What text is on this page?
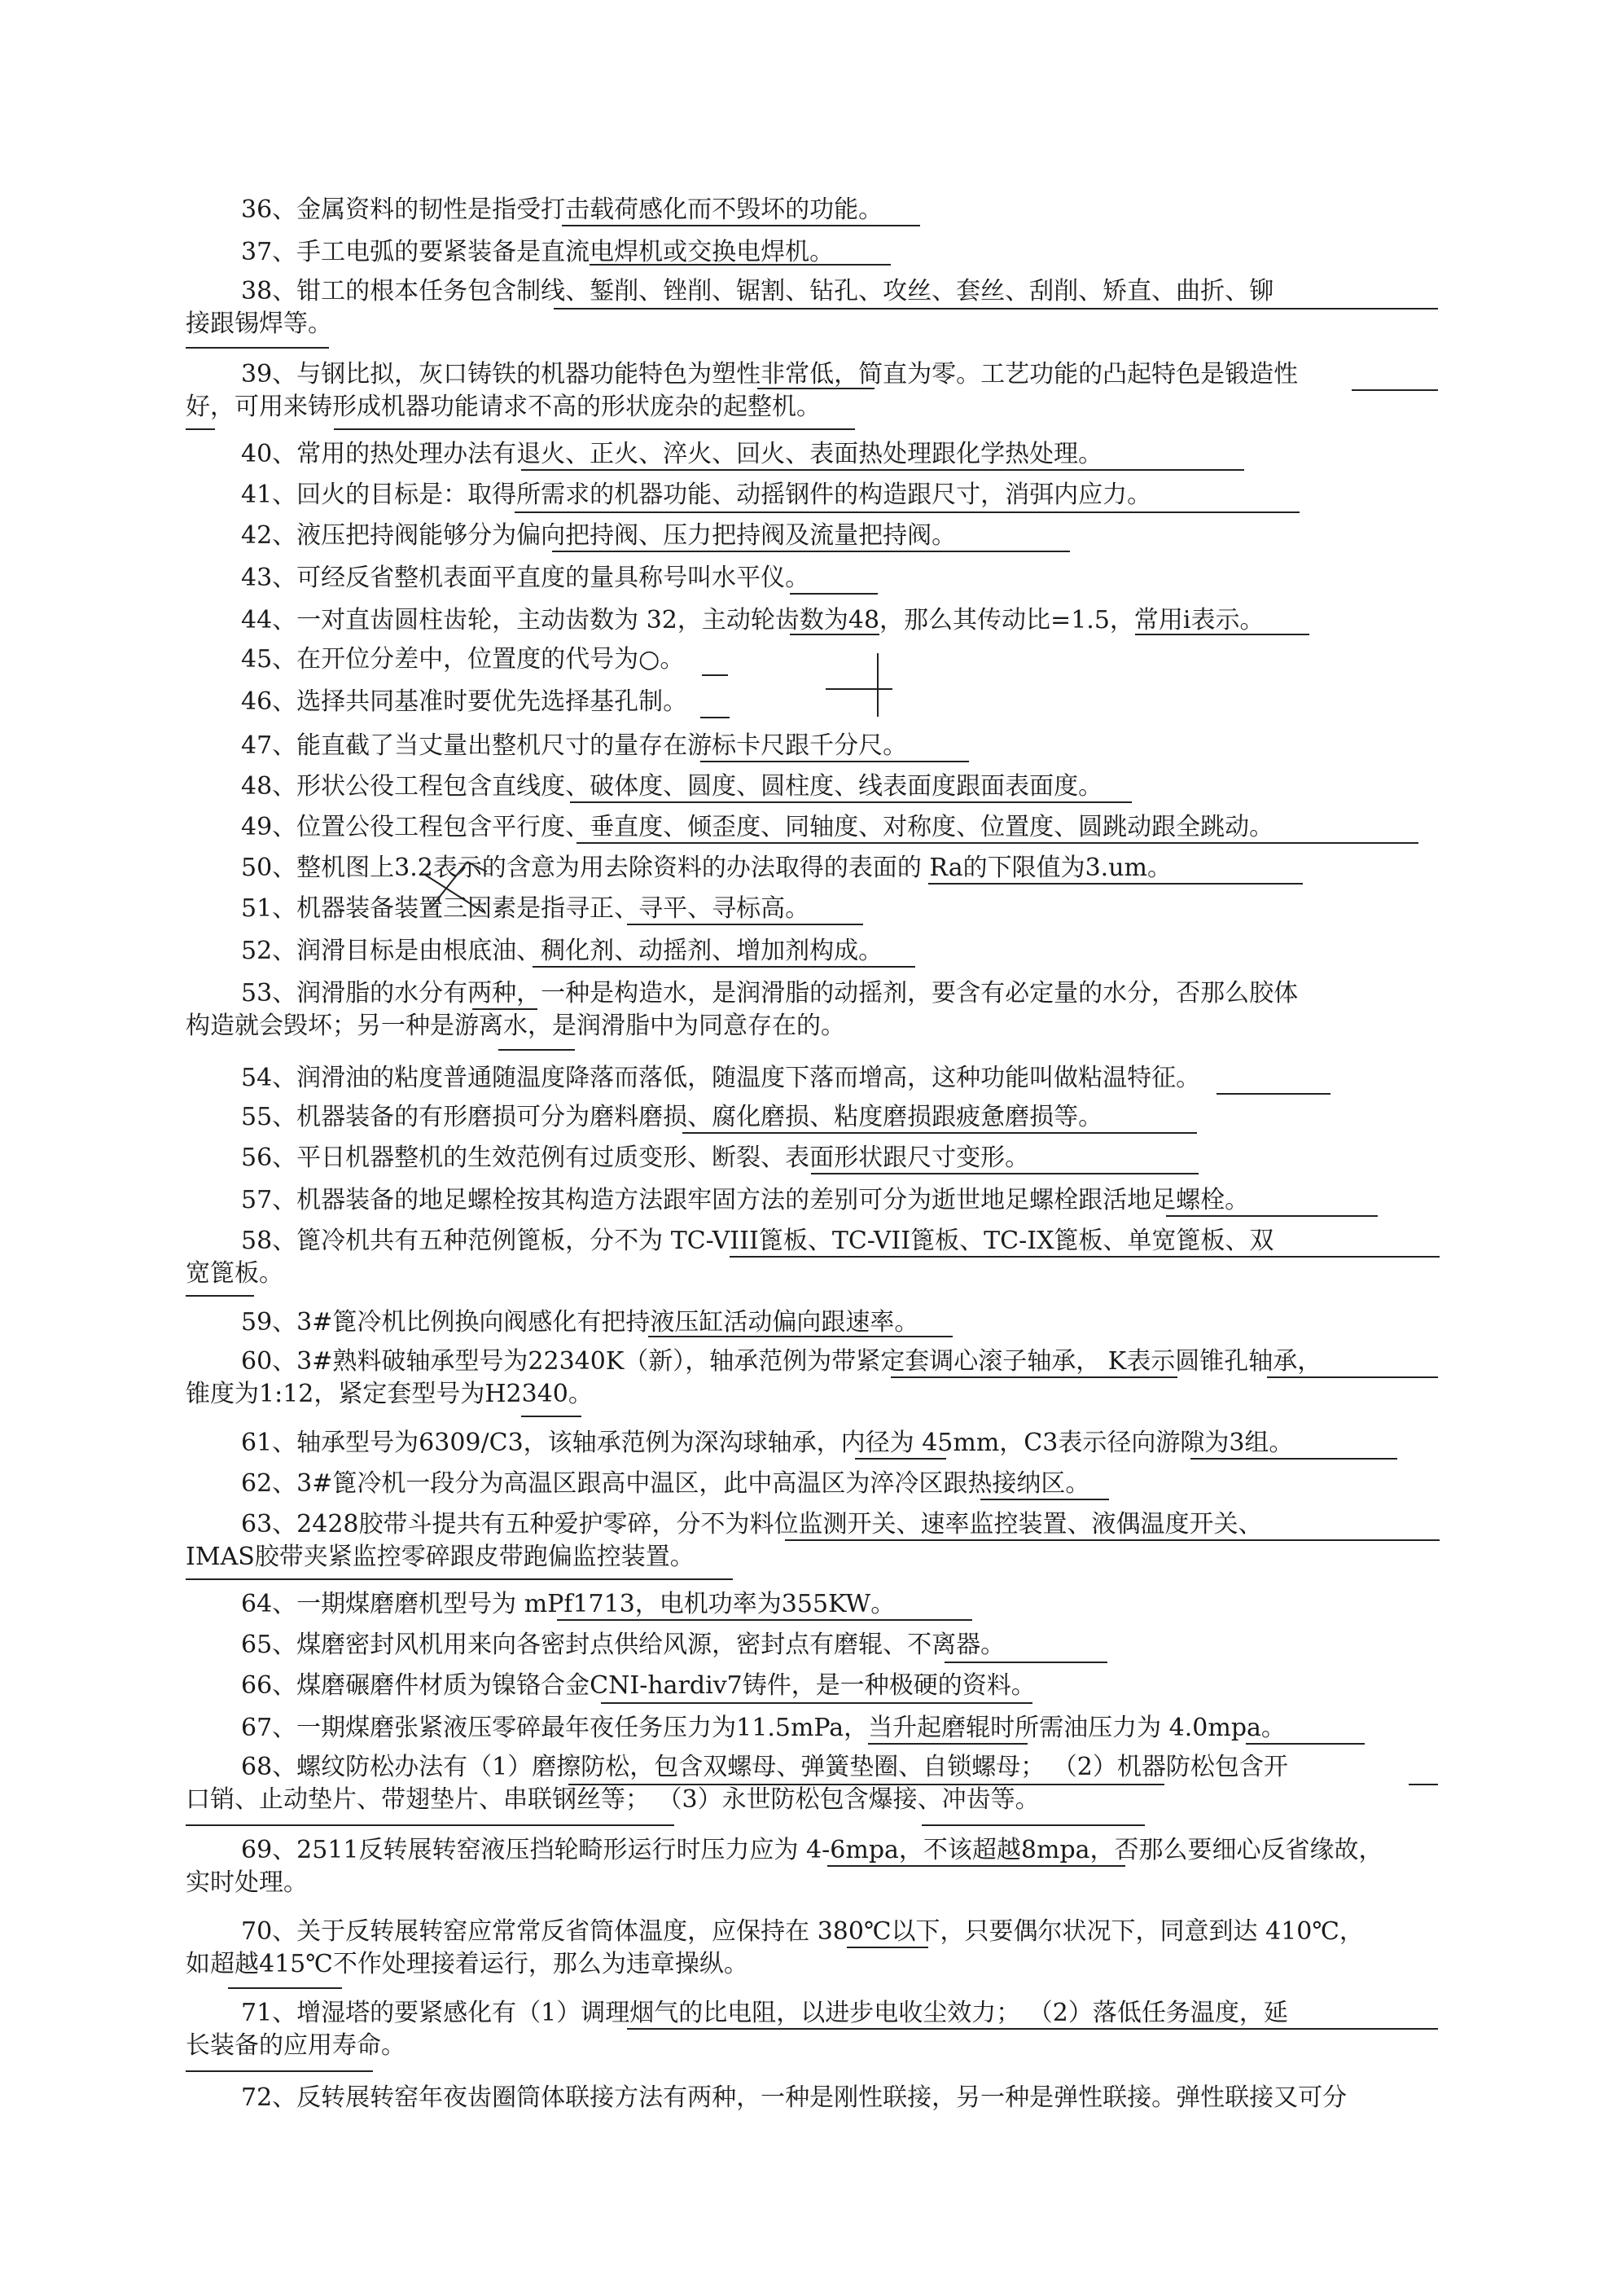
36、金属资料的韧性是指受打击载荷感化而不毁坏的功能。

37、手工电弧的要紧装备是直流电焊机或交换电焊机。

38、钳工的根本任务包含制线、錾削、锉削、锯割、钻孔、攻丝、套丝、刮削、矫直、曲折、铆

接跟锡焊等。

39、与钢比拟，灰口铸铁的机器功能特色为塑性非常低，简直为零。工艺功能的凸起特色是锻造性

好，可用来铸形成机器功能请求不高的形状庞杂的起整机。

40、常用的热处理办法有退火、正火、淬火、回火、表面热处理跟化学热处理。

41、回火的目标是：取得所需求的机器功能、动摇钢件的构造跟尺寸，消弭内应力。

42、液压把持阀能够分为偏向把持阀、压力把持阀及流量把持阀。

43、可经反省整机表面平直度的量具称号叫水平仪。

44、一对直齿圆柱齿轮，主动齿数为 32，主动轮齿数为48，那么其传动比=1.5，常用i表示。

45、在开位分差中，位置度的代号为○。

46、选择共同基准时要优先选择基孔制。

47、能直截了当丈量出整机尺寸的量存在游标卡尺跟千分尺。

48、形状公役工程包含直线度、破体度、圆度、圆柱度、线表面度跟面表面度。

49、位置公役工程包含平行度、垂直度、倾歪度、同轴度、对称度、位置度、圆跳动跟全跳动。

50、整机图上3.2表示的含意为用去除资料的办法取得的表面的 Ra的下限值为3.um。

51、机器装备装置三因素是指寻正、寻平、寻标高。

52、润滑目标是由根底油、稠化剂、动摇剂、增加剂构成。

53、润滑脂的水分有两种，一种是构造水，是润滑脂的动摇剂，要含有必定量的水分，否那么胶体

构造就会毁坏；另一种是游离水，是润滑脂中为同意存在的。

54、润滑油的粘度普通随温度降落而落低，随温度下落而增高，这种功能叫做粘温特征。

55、机器装备的有形磨损可分为磨料磨损、腐化磨损、粘度磨损跟疲惫磨损等。

56、平日机器整机的生效范例有过质变形、断裂、表面形状跟尺寸变形。

57、机器装备的地足螺栓按其构造方法跟牢固方法的差别可分为逝世地足螺栓跟活地足螺栓。

58、篦冷机共有五种范例篦板，分不为 TC-VIII篦板、TC-VII篦板、TC-IX篦板、单宽篦板、双

宽篦板。

59、3#篦冷机比例换向阀感化有把持液压缸活动偏向跟速率。

60、3#熟料破轴承型号为22340K（新），轴承范例为带紧定套调心滚子轴承， K表示圆锥孔轴承，

锥度为1:12，紧定套型号为H2340。

61、轴承型号为6309/C3，该轴承范例为深沟球轴承，内径为 45mm，C3表示径向游隙为3组。

62、3#篦冷机一段分为高温区跟高中温区，此中高温区为淬冷区跟热接纳区。

63、2428胶带斗提共有五种爱护零碎，分不为料位监测开关、速率监控装置、液偶温度开关、

IMAS胶带夹紧监控零碎跟皮带跑偏监控装置。

64、一期煤磨磨机型号为 mPf1713，电机功率为355KW。

65、煤磨密封风机用来向各密封点供给风源，密封点有磨辊、不离器。

66、煤磨碾磨件材质为镍铬合金CNI-hardiv7铸件，是一种极硬的资料。

67、一期煤磨张紧液压零碎最年夜任务压力为11.5mPa，当升起磨辊时所需油压力为 4.0mpa。

68、螺纹防松办法有（1）磨擦防松，包含双螺母、弹簧垫圈、自锁螺母； （2）机器防松包含开

口销、止动垫片、带翅垫片、串联钢丝等； （3）永世防松包含爆接、冲齿等。

69、2511反转展转窑液压挡轮畸形运行时压力应为 4-6mpa，不该超越8mpa，否那么要细心反省缘故，

实时处理。

70、关于反转展转窑应常常反省筒体温度，应保持在 380℃以下，只要偶尔状况下，同意到达 410℃，

如超越415℃不作处理接着运行，那么为违章操纵。

71、增湿塔的要紧感化有（1）调理烟气的比电阻，以进步电收尘效力； （2）落低任务温度，延

长装备的应用寿命。

72、反转展转窑年夜齿圈筒体联接方法有两种，一种是刚性联接，另一种是弹性联接。弹性联接又可分
